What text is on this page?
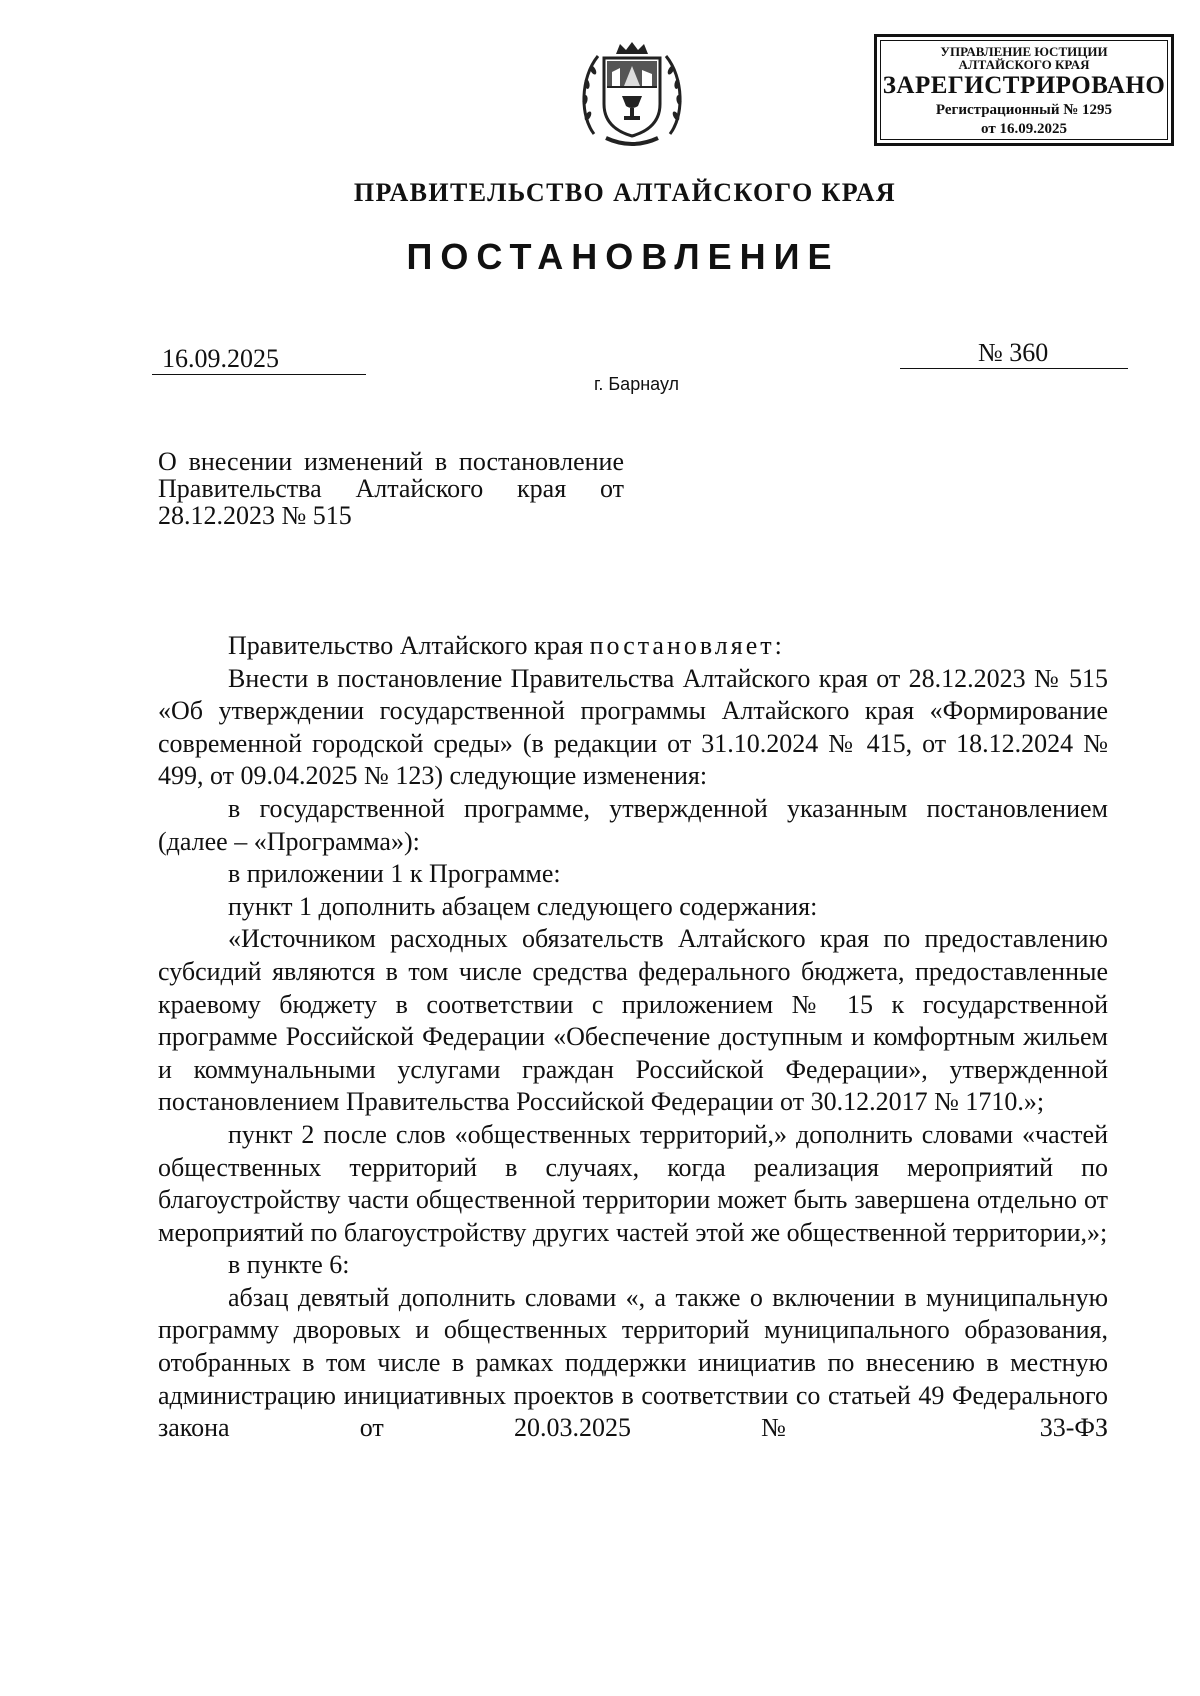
УПРАВЛЕНИЕ ЮСТИЦИИ АЛТАЙСКОГО КРАЯ
ЗАРЕГИСТРИРОВАНО
Регистрационный № 1295
от 16.09.2025
ПРАВИТЕЛЬСТВО АЛТАЙСКОГО КРАЯ
ПОСТАНОВЛЕНИЕ
16.09.2025	№ 360
г. Барнаул
О внесении изменений в постановление Правительства Алтайского края от 28.12.2023 № 515

Правительство Алтайского края постановляет:

Внести в постановление Правительства Алтайского края от 28.12.2023 № 515 «Об утверждении государственной программы Алтайского края «Формирование современной городской среды» (в редакции от 31.10.2024 № 415, от 18.12.2024 № 499, от 09.04.2025 № 123) следующие изменения:

в государственной программе, утвержденной указанным постановлением (далее – «Программа»):

в приложении 1 к Программе:

пункт 1 дополнить абзацем следующего содержания:

«Источником расходных обязательств Алтайского края по предоставлению субсидий являются в том числе средства федерального бюджета, предоставленные краевому бюджету в соответствии с приложением № 15 к государственной программе Российской Федерации «Обеспечение доступным и комфортным жильем и коммунальными услугами граждан Российской Федерации», утвержденной постановлением Правительства Российской Федерации от 30.12.2017 № 1710.»;

пункт 2 после слов «общественных территорий,» дополнить словами «частей общественных территорий в случаях, когда реализация мероприятий по благоустройству части общественной территории может быть завершена отдельно от мероприятий по благоустройству других частей этой же общественной территории,»;

в пункте 6:

абзац девятый дополнить словами «, а также о включении в муниципальную программу дворовых и общественных территорий муниципального образования, отобранных в том числе в рамках поддержки инициатив по внесению в местную администрацию инициативных проектов в соответствии со статьей 49 Федерального закона от 20.03.2025 № 33-ФЗ
